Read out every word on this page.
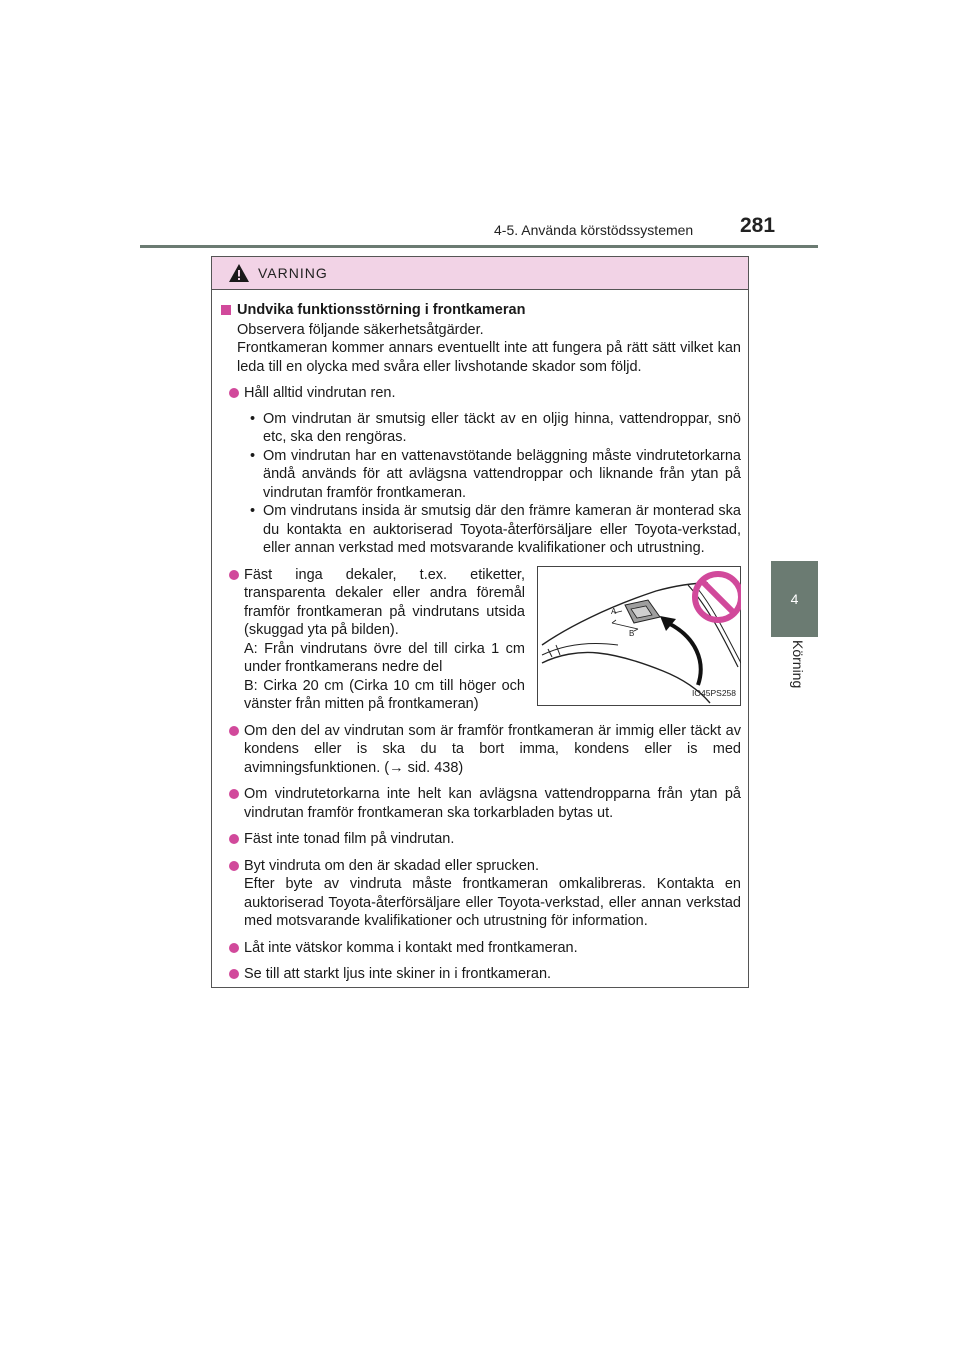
4-5. Använda körstödssystemen 281
4
Körning
VARNING
Undvika funktionsstörning i frontkameran
Observera följande säkerhetsåtgärder.
Frontkameran kommer annars eventuellt inte att fungera på rätt sätt vilket kan leda till en olycka med svåra eller livshotande skador som följd.
Håll alltid vindrutan ren.
• Om vindrutan är smutsig eller täckt av en oljig hinna, vattendroppar, snö etc, ska den rengöras.
• Om vindrutan har en vattenavstötande beläggning måste vindrutetorkarna ändå används för att avlägsna vattendroppar och liknande från ytan på vindrutan framför frontkameran.
• Om vindrutans insida är smutsig där den främre kameran är monterad ska du kontakta en auktoriserad Toyota-återförsäljare eller Toyota-verkstad, eller annan verkstad med motsvarande kvalifikationer och utrustning.
Fäst inga dekaler, t.ex. etiketter, transparenta dekaler eller andra föremål framför frontkameran på vindrutans utsida (skuggad yta på bilden).
A: Från vindrutans övre del till cirka 1 cm under frontkamerans nedre del
B: Cirka 20 cm (Cirka 10 cm till höger och vänster från mitten på frontkameran)
A
B
IO45PS258
Om den del av vindrutan som är framför frontkameran är immig eller täckt av kondens eller is ska du ta bort imma, kondens eller is med avimningsfunktionen. (→ sid. 438)
Om vindrutetorkarna inte helt kan avlägsna vattendropparna från ytan på vindrutan framför frontkameran ska torkarbladen bytas ut.
Fäst inte tonad film på vindrutan.
Byt vindruta om den är skadad eller sprucken.
Efter byte av vindruta måste frontkameran omkalibreras. Kontakta en auktoriserad Toyota-återförsäljare eller Toyota-verkstad, eller annan verkstad med motsvarande kvalifikationer och utrustning för information.
Låt inte vätskor komma i kontakt med frontkameran.
Se till att starkt ljus inte skiner in i frontkameran.
